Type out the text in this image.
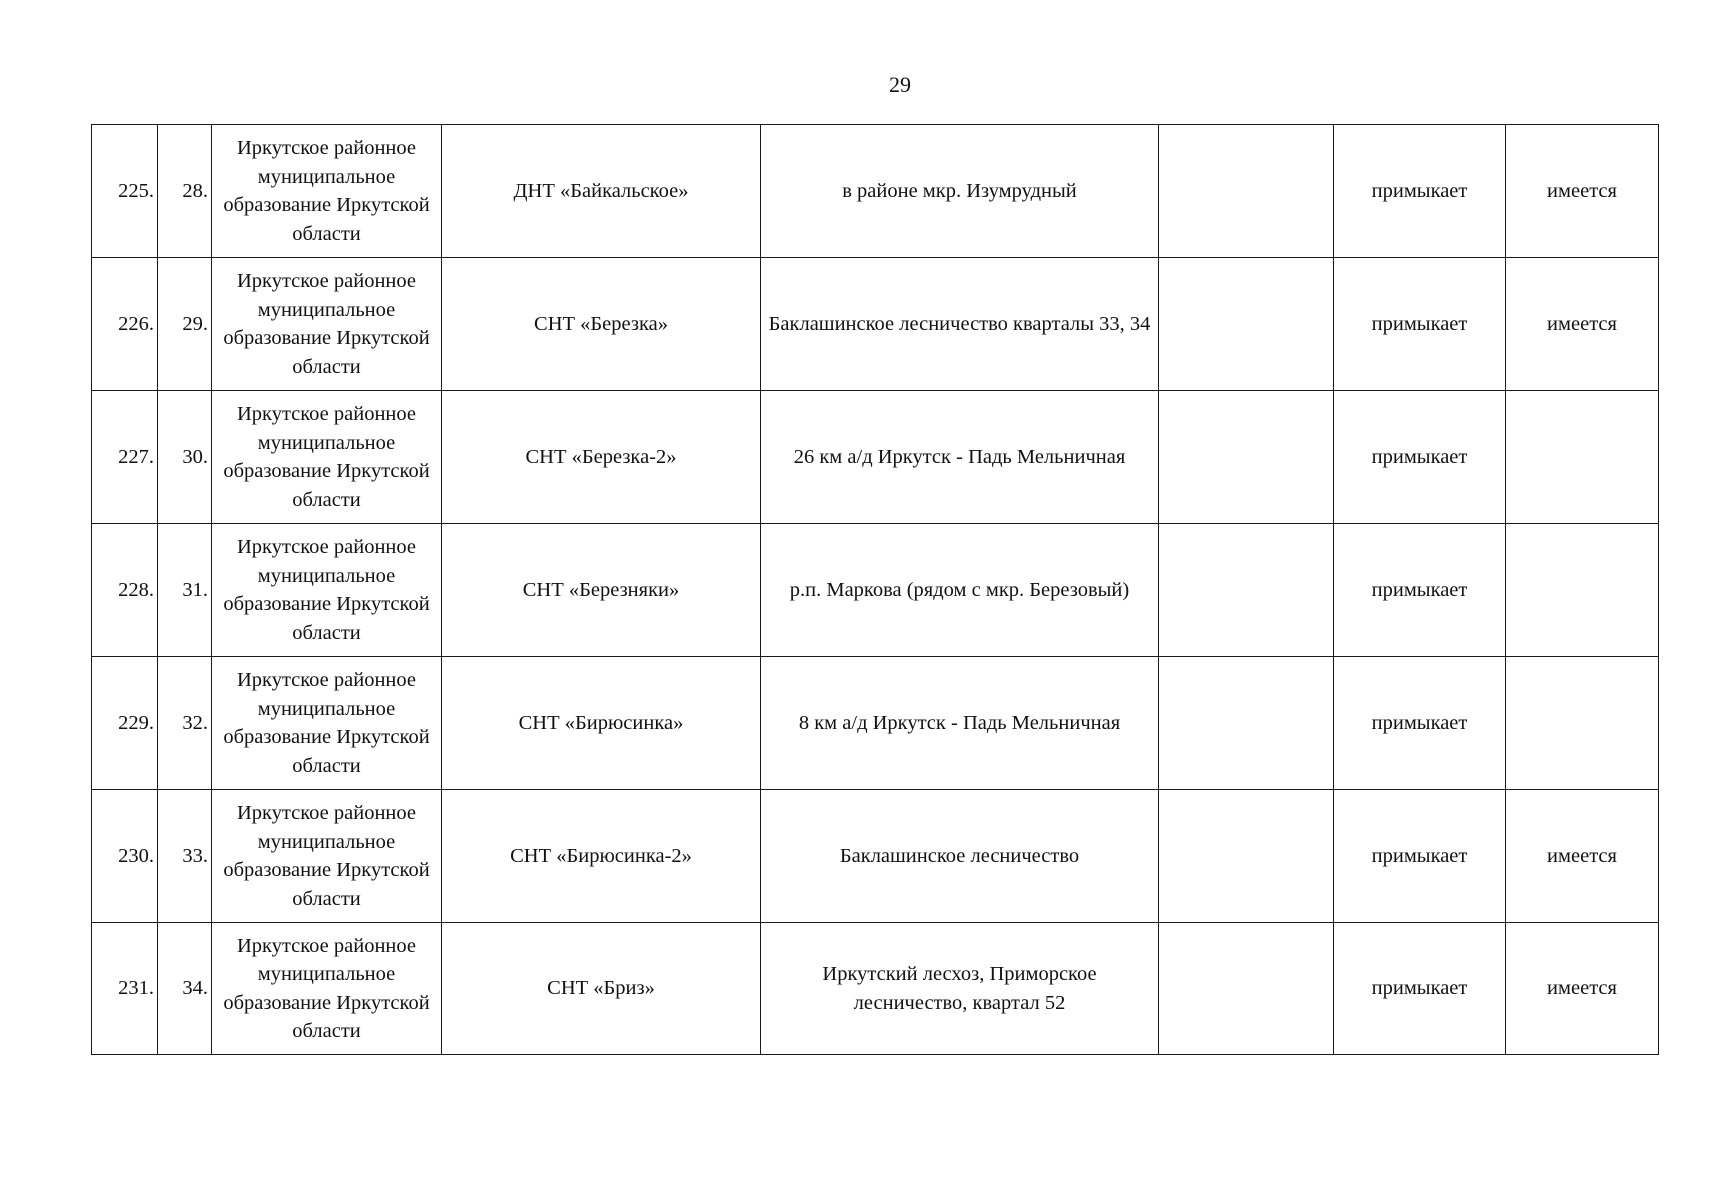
29
225.	28.	Иркутское районное муниципальное образование Иркутской области	ДНТ «Байкальское»	в районе мкр. Изумрудный		примыкает	имеется
226.	29.	Иркутское районное муниципальное образование Иркутской области	СНТ «Березка»	Баклашинское лесничество кварталы 33, 34		примыкает	имеется
227.	30.	Иркутское районное муниципальное образование Иркутской области	СНТ «Березка-2»	26 км а/д Иркутск - Падь Мельничная		примыкает	
228.	31.	Иркутское районное муниципальное образование Иркутской области	СНТ «Березняки»	р.п. Маркова (рядом с мкр. Березовый)		примыкает	
229.	32.	Иркутское районное муниципальное образование Иркутской области	СНТ «Бирюсинка»	8 км а/д Иркутск - Падь Мельничная		примыкает	
230.	33.	Иркутское районное муниципальное образование Иркутской области	СНТ «Бирюсинка-2»	Баклашинское лесничество		примыкает	имеется
231.	34.	Иркутское районное муниципальное образование Иркутской области	СНТ «Бриз»	Иркутский лесхоз, Приморское лесничество, квартал 52		примыкает	имеется
